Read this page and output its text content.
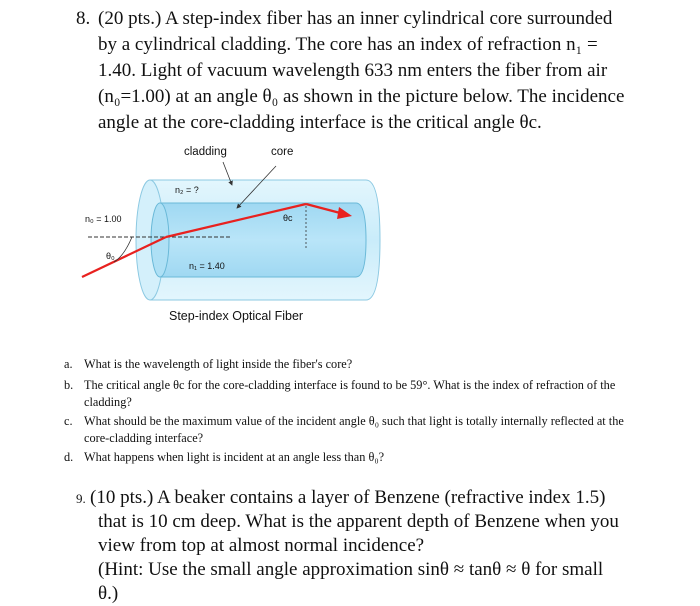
8. (20 pts.) A step-index fiber has an inner cylindrical core surrounded
by a cylindrical cladding. The core has an index of refraction n₁ =
1.40. Light of vacuum wavelength 633 nm enters the fiber from air
(n₀=1.00) at an angle θ₀ as shown in the picture below. The incidence
angle at the core-cladding interface is the critical angle θc.
cladding	core
n₂ = ?
n₀ = 1.00
θ₀
θc
n₁ = 1.40
Step-index Optical Fiber
a. What is the wavelength of light inside the fiber's core?
b. The critical angle θc for the core-cladding interface is found to be 59°. What is the index of refraction of the cladding?
c. What should be the maximum value of the incident angle θ₀ such that light is totally internally reflected at the core-cladding interface?
d. What happens when light is incident at an angle less than θ₀?
9. (10 pts.) A beaker contains a layer of Benzene (refractive index 1.5)
that is 10 cm deep. What is the apparent depth of Benzene when you
view from top at almost normal incidence?
(Hint: Use the small angle approximation sinθ ≈ tanθ ≈ θ for small
θ.)
